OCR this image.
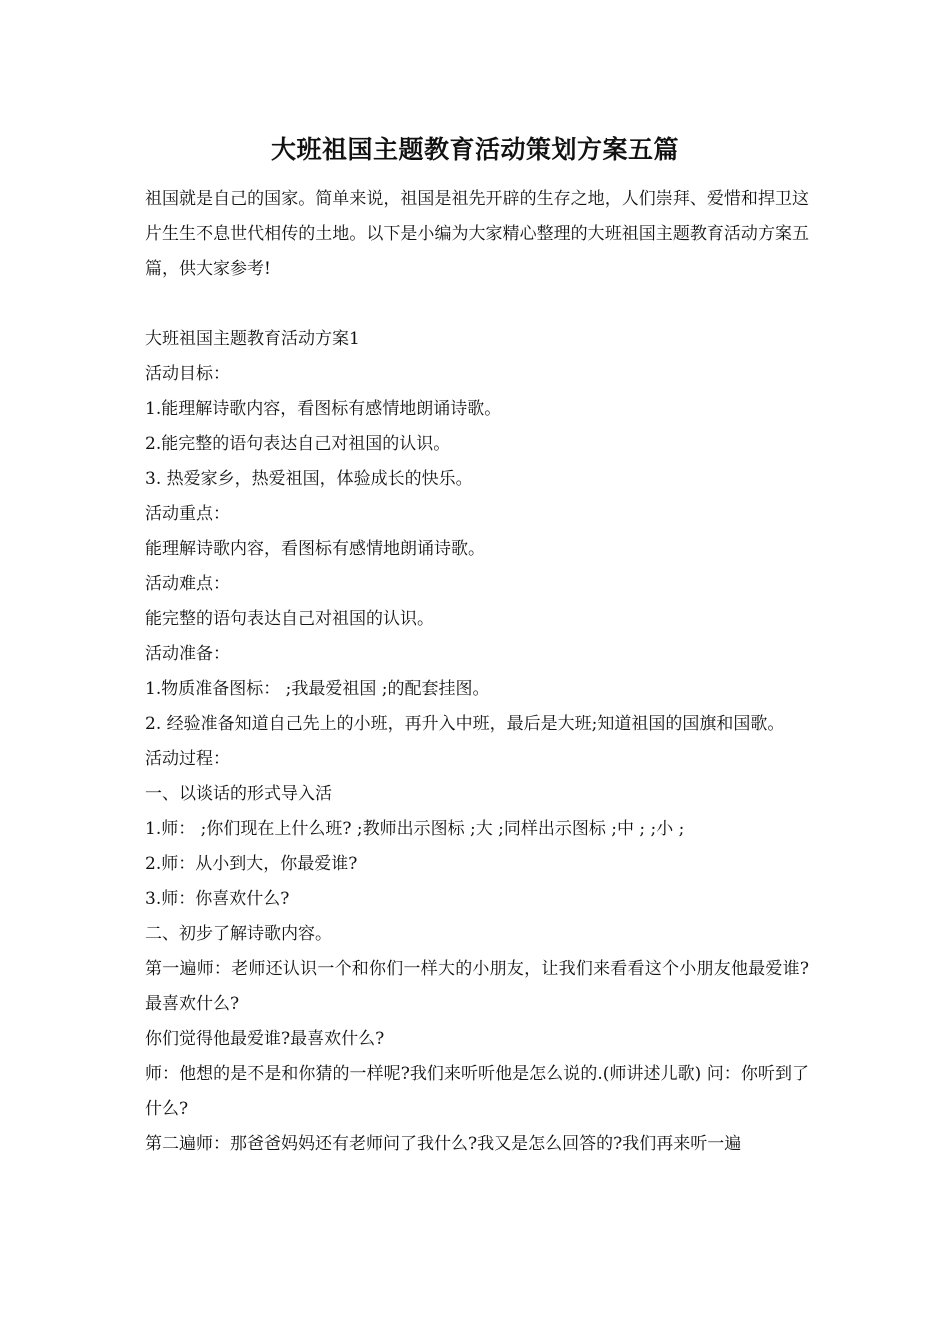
大班祖国主题教育活动策划方案五篇

祖国就是自己的国家。简单来说，祖国是祖先开辟的生存之地，人们崇拜、爱惜和捍卫这片生生不息世代相传的土地。以下是小编为大家精心整理的大班祖国主题教育活动方案五篇，供大家参考!

大班祖国主题教育活动方案1

活动目标：

1.能理解诗歌内容，看图标有感情地朗诵诗歌。

2.能完整的语句表达自己对祖国的认识。

3. 热爱家乡，热爱祖国，体验成长的快乐。

活动重点：

能理解诗歌内容，看图标有感情地朗诵诗歌。

活动难点：

能完整的语句表达自己对祖国的认识。

活动准备：

1.物质准备图标： ;我最爱祖国 ;的配套挂图。

2. 经验准备知道自己先上的小班，再升入中班，最后是大班;知道祖国的国旗和国歌。

活动过程：

一、以谈话的形式导入活

1.师： ;你们现在上什么班? ;教师出示图标 ;大 ;同样出示图标 ;中 ; ;小 ;

2.师：从小到大，你最爱谁?

3.师：你喜欢什么?

二、初步了解诗歌内容。

第一遍师：老师还认识一个和你们一样大的小朋友，让我们来看看这个小朋友他最爱谁?最喜欢什么?

你们觉得他最爱谁?最喜欢什么?

师：他想的是不是和你猜的一样呢?我们来听听他是怎么说的.(师讲述儿歌) 问：你听到了什么?

第二遍师：那爸爸妈妈还有老师问了我什么?我又是怎么回答的?我们再来听一遍
